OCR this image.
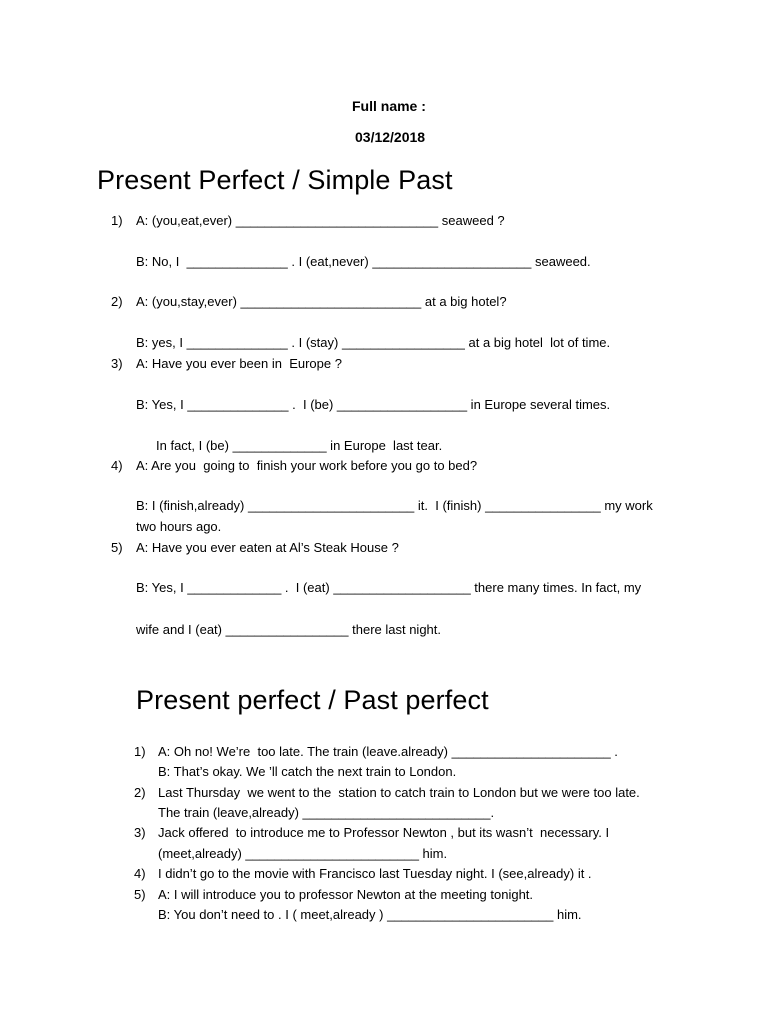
Full name :
03/12/2018
Present Perfect / Simple Past
1) A: (you,eat,ever) ____________________________ seaweed ?
B: No, I  ______________ . I (eat,never) ______________________ seaweed.
2) A: (you,stay,ever) _________________________ at a big hotel?
B: yes, I ______________ . I (stay) _________________ at a big hotel  lot of time.
3) A: Have you ever been in  Europe ?
B: Yes, I ______________ .  I (be) __________________ in Europe several times.
In fact, I (be) _____________ in Europe  last tear.
4) A: Are you  going to  finish your work before you go to bed?
B: I (finish,already) _______________________ it.  I (finish) ________________ my work
two hours ago.
5) A: Have you ever eaten at Al’s Steak House ?
B: Yes, I _____________ .  I (eat) ___________________ there many times. In fact, my
wife and I (eat) _________________ there last night.
Present perfect / Past perfect
1) A: Oh no! We’re  too late. The train (leave.already) ______________________ .
B: That’s okay. We ’ll catch the next train to London.
2) Last Thursday  we went to the  station to catch train to London but we were too late.
The train (leave,already) __________________________.
3) Jack offered  to introduce me to Professor Newton , but its wasn’t  necessary. I
(meet,already) ________________________ him.
4) I didn’t go to the movie with Francisco last Tuesday night. I (see,already) it .
5) A: I will introduce you to professor Newton at the meeting tonight.
B: You don’t need to . I ( meet,already ) _______________________ him.
